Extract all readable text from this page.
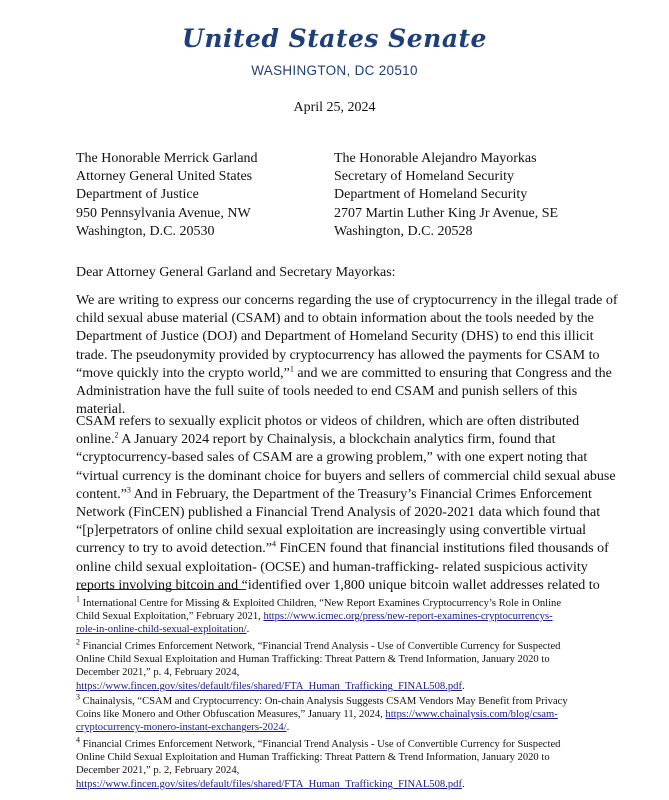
United States Senate
WASHINGTON, DC 20510
April 25, 2024
The Honorable Merrick Garland
Attorney General United States
Department of Justice
950 Pennsylvania Avenue, NW
Washington, D.C. 20530
The Honorable Alejandro Mayorkas
Secretary of Homeland Security
Department of Homeland Security
2707 Martin Luther King Jr Avenue, SE
Washington, D.C. 20528
Dear Attorney General Garland and Secretary Mayorkas:
We are writing to express our concerns regarding the use of cryptocurrency in the illegal trade of
child sexual abuse material (CSAM) and to obtain information about the tools needed by the
Department of Justice (DOJ) and Department of Homeland Security (DHS) to end this illicit
trade. The pseudonymity provided by cryptocurrency has allowed the payments for CSAM to
“move quickly into the crypto world,”$^1$ and we are committed to ensuring that Congress and the
Administration have the full suite of tools needed to end CSAM and punish sellers of this
material.
CSAM refers to sexually explicit photos or videos of children, which are often distributed
online.$^2$ A January 2024 report by Chainalysis, a blockchain analytics firm, found that
“cryptocurrency-based sales of CSAM are a growing problem,” with one expert noting that
“virtual currency is the dominant choice for buyers and sellers of commercial child sexual abuse
content.”$^3$ And in February, the Department of the Treasury’s Financial Crimes Enforcement
Network (FinCEN) published a Financial Trend Analysis of 2020-2021 data which found that
“[p]erpetrators of online child sexual exploitation are increasingly using convertible virtual
currency to try to avoid detection.”$^4$ FinCEN found that financial institutions filed thousands of
online child sexual exploitation- (OCSE) and human-trafficking- related suspicious activity
reports involving bitcoin and “identified over 1,800 unique bitcoin wallet addresses related to
$^1$ International Centre for Missing & Exploited Children, “New Report Examines Cryptocurrency’s Role in Online
Child Sexual Exploitation,” February 2021, https://www.icmec.org/press/new-report-examines-cryptocurrencys-
role-in-online-child-sexual-exploitation/.
$^2$ Financial Crimes Enforcement Network, “Financial Trend Analysis - Use of Convertible Currency for Suspected
Online Child Sexual Exploitation and Human Trafficking: Threat Pattern & Trend Information, January 2020 to
December 2021,” p. 4, February 2024,
https://www.fincen.gov/sites/default/files/shared/FTA_Human_Trafficking_FINAL508.pdf.
$^3$ Chainalysis, “CSAM and Cryptocurrency: On-chain Analysis Suggests CSAM Vendors May Benefit from Privacy
Coins like Monero and Other Obfuscation Measures,” January 11, 2024, https://www.chainalysis.com/blog/csam-
cryptocurrency-monero-instant-exchangers-2024/.
$^4$ Financial Crimes Enforcement Network, “Financial Trend Analysis - Use of Convertible Currency for Suspected
Online Child Sexual Exploitation and Human Trafficking: Threat Pattern & Trend Information, January 2020 to
December 2021,” p. 2, February 2024,
https://www.fincen.gov/sites/default/files/shared/FTA_Human_Trafficking_FINAL508.pdf.
